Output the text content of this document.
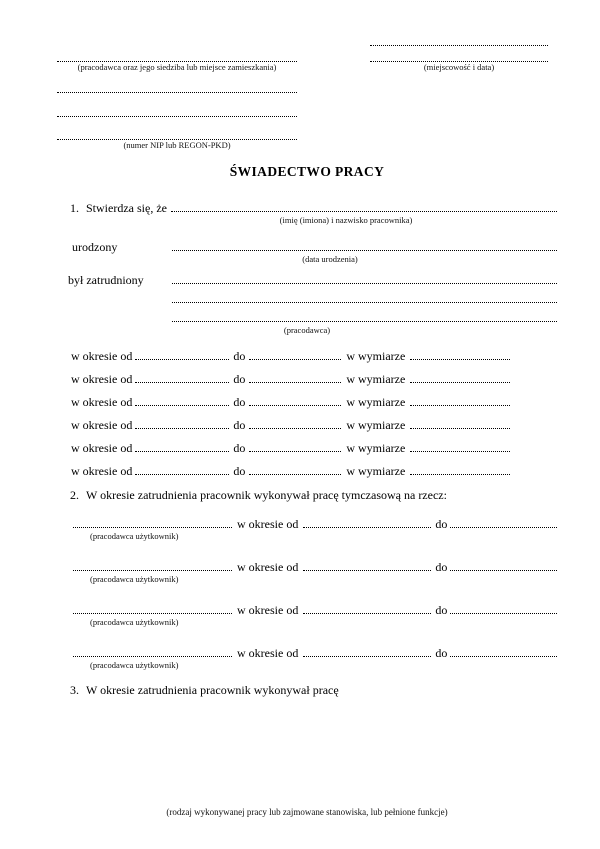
(miejscowość i data)
(pracodawca oraz jego siedziba lub miejsce zamieszkania)
(numer NIP lub REGON-PKD)
ŚWIADECTWO PRACY
1. Stwierdza się, że
(imię (imiona) i nazwisko pracownika)
urodzony
(data urodzenia)
był zatrudniony
(pracodawca)
w okresie od	do	w wymiarze
w okresie od	do	w wymiarze
w okresie od	do	w wymiarze
w okresie od	do	w wymiarze
w okresie od	do	w wymiarze
w okresie od	do	w wymiarze
2. W okresie zatrudnienia pracownik wykonywał pracę tymczasową na rzecz:
w okresie od	do
(pracodawca użytkownik)
w okresie od	do
(pracodawca użytkownik)
w okresie od	do
(pracodawca użytkownik)
w okresie od	do
(pracodawca użytkownik)
3. W okresie zatrudnienia pracownik wykonywał pracę
(rodzaj wykonywanej pracy lub zajmowane stanowiska, lub pełnione funkcje)
